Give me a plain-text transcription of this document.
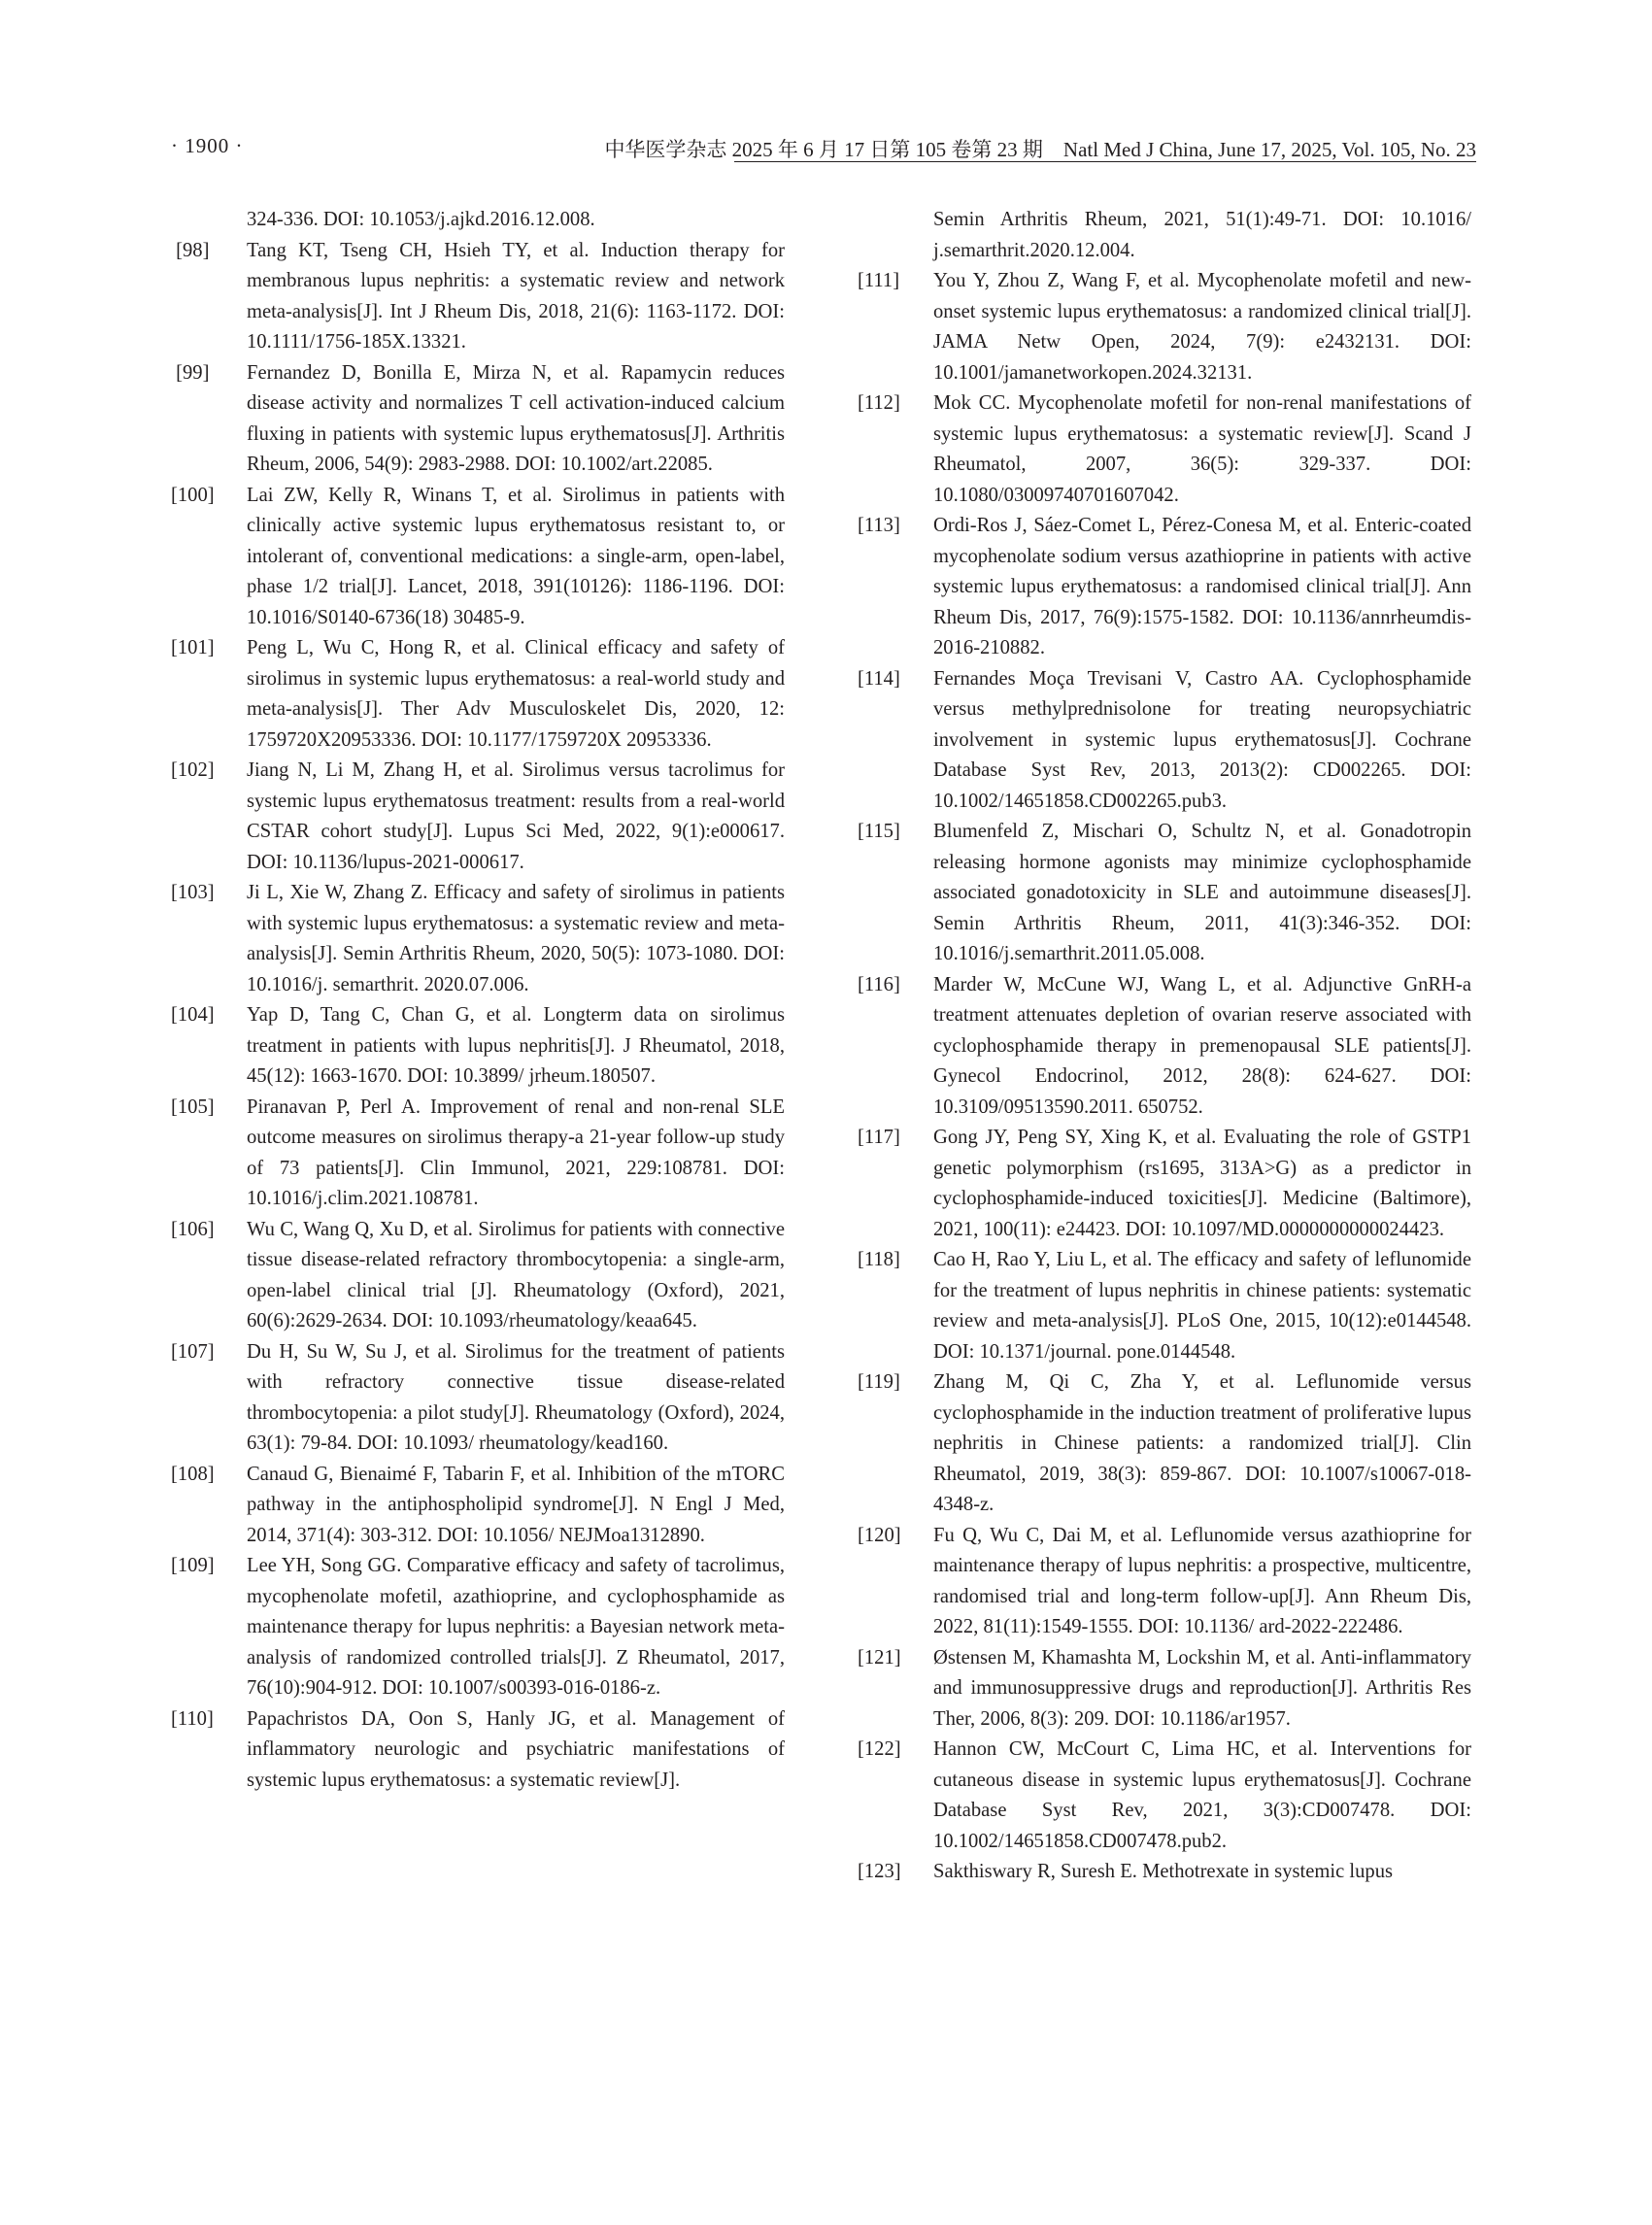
· 1900 ·	中华医学杂志 2025 年 6 月 17 日第 105 卷第 23 期　Natl Med J China, June 17, 2025, Vol. 105, No. 23
324-336. DOI: 10.1053/j.ajkd.2016.12.008.
[98]	Tang KT, Tseng CH, Hsieh TY, et al. Induction therapy for membranous lupus nephritis: a systematic review and network meta-analysis[J]. Int J Rheum Dis, 2018, 21(6): 1163-1172. DOI: 10.1111/1756-185X.13321.
[99]	Fernandez D, Bonilla E, Mirza N, et al. Rapamycin reduces disease activity and normalizes T cell activation-induced calcium fluxing in patients with systemic lupus erythematosus[J]. Arthritis Rheum, 2006, 54(9): 2983-2988. DOI: 10.1002/art.22085.
[100]	Lai ZW, Kelly R, Winans T, et al. Sirolimus in patients with clinically active systemic lupus erythematosus resistant to, or intolerant of, conventional medications: a single-arm, open-label, phase 1/2 trial[J]. Lancet, 2018, 391(10126): 1186-1196. DOI: 10.1016/S0140-6736(18) 30485-9.
[101]	Peng L, Wu C, Hong R, et al. Clinical efficacy and safety of sirolimus in systemic lupus erythematosus: a real-world study and meta-analysis[J]. Ther Adv Musculoskelet Dis, 2020, 12: 1759720X20953336. DOI: 10.1177/1759720X 20953336.
[102]	Jiang N, Li M, Zhang H, et al. Sirolimus versus tacrolimus for systemic lupus erythematosus treatment: results from a real-world CSTAR cohort study[J]. Lupus Sci Med, 2022, 9(1):e000617. DOI: 10.1136/lupus-2021-000617.
[103]	Ji L, Xie W, Zhang Z. Efficacy and safety of sirolimus in patients with systemic lupus erythematosus: a systematic review and meta-analysis[J]. Semin Arthritis Rheum, 2020, 50(5): 1073-1080. DOI: 10.1016/j. semarthrit. 2020.07.006.
[104]	Yap D, Tang C, Chan G, et al. Longterm data on sirolimus treatment in patients with lupus nephritis[J]. J Rheumatol, 2018, 45(12): 1663-1670. DOI: 10.3899/ jrheum.180507.
[105]	Piranavan P, Perl A. Improvement of renal and non-renal SLE outcome measures on sirolimus therapy-a 21-year follow-up study of 73 patients[J]. Clin Immunol, 2021, 229:108781. DOI: 10.1016/j.clim.2021.108781.
[106]	Wu C, Wang Q, Xu D, et al. Sirolimus for patients with connective tissue disease-related refractory thrombocytopenia: a single-arm, open-label clinical trial [J]. Rheumatology (Oxford), 2021, 60(6):2629-2634. DOI: 10.1093/rheumatology/keaa645.
[107]	Du H, Su W, Su J, et al. Sirolimus for the treatment of patients with refractory connective tissue disease-related thrombocytopenia: a pilot study[J]. Rheumatology (Oxford), 2024, 63(1): 79-84. DOI: 10.1093/ rheumatology/kead160.
[108]	Canaud G, Bienaimé F, Tabarin F, et al. Inhibition of the mTORC pathway in the antiphospholipid syndrome[J]. N Engl J Med, 2014, 371(4): 303-312. DOI: 10.1056/ NEJMoa1312890.
[109]	Lee YH, Song GG. Comparative efficacy and safety of tacrolimus, mycophenolate mofetil, azathioprine, and cyclophosphamide as maintenance therapy for lupus nephritis: a Bayesian network meta-analysis of randomized controlled trials[J]. Z Rheumatol, 2017, 76(10):904-912. DOI: 10.1007/s00393-016-0186-z.
[110]	Papachristos DA, Oon S, Hanly JG, et al. Management of inflammatory neurologic and psychiatric manifestations of systemic lupus erythematosus: a systematic review[J].
Semin Arthritis Rheum, 2021, 51(1):49-71. DOI: 10.1016/ j.semarthrit.2020.12.004.
[111]	You Y, Zhou Z, Wang F, et al. Mycophenolate mofetil and new-onset systemic lupus erythematosus: a randomized clinical trial[J]. JAMA Netw Open, 2024, 7(9): e2432131. DOI: 10.1001/jamanetworkopen.2024.32131.
[112]	Mok CC. Mycophenolate mofetil for non-renal manifestations of systemic lupus erythematosus: a systematic review[J]. Scand J Rheumatol, 2007, 36(5): 329-337. DOI: 10.1080/03009740701607042.
[113]	Ordi-Ros J, Sáez-Comet L, Pérez-Conesa M, et al. Enteric-coated mycophenolate sodium versus azathioprine in patients with active systemic lupus erythematosus: a randomised clinical trial[J]. Ann Rheum Dis, 2017, 76(9):1575-1582. DOI: 10.1136/annrheumdis-2016-210882.
[114]	Fernandes Moça Trevisani V, Castro AA. Cyclophosphamide versus methylprednisolone for treating neuropsychiatric involvement in systemic lupus erythematosus[J]. Cochrane Database Syst Rev, 2013, 2013(2): CD002265. DOI: 10.1002/14651858.CD002265.pub3.
[115]	Blumenfeld Z, Mischari O, Schultz N, et al. Gonadotropin releasing hormone agonists may minimize cyclophosphamide associated gonadotoxicity in SLE and autoimmune diseases[J]. Semin Arthritis Rheum, 2011, 41(3):346-352. DOI: 10.1016/j.semarthrit.2011.05.008.
[116]	Marder W, McCune WJ, Wang L, et al. Adjunctive GnRH-a treatment attenuates depletion of ovarian reserve associated with cyclophosphamide therapy in premenopausal SLE patients[J]. Gynecol Endocrinol, 2012, 28(8): 624-627. DOI: 10.3109/09513590.2011. 650752.
[117]	Gong JY, Peng SY, Xing K, et al. Evaluating the role of GSTP1 genetic polymorphism (rs1695, 313A>G) as a predictor in cyclophosphamide-induced toxicities[J]. Medicine (Baltimore), 2021, 100(11): e24423. DOI: 10.1097/MD.0000000000024423.
[118]	Cao H, Rao Y, Liu L, et al. The efficacy and safety of leflunomide for the treatment of lupus nephritis in chinese patients: systematic review and meta-analysis[J]. PLoS One, 2015, 10(12):e0144548. DOI: 10.1371/journal. pone.0144548.
[119]	Zhang M, Qi C, Zha Y, et al. Leflunomide versus cyclophosphamide in the induction treatment of proliferative lupus nephritis in Chinese patients: a randomized trial[J]. Clin Rheumatol, 2019, 38(3): 859-867. DOI: 10.1007/s10067-018-4348-z.
[120]	Fu Q, Wu C, Dai M, et al. Leflunomide versus azathioprine for maintenance therapy of lupus nephritis: a prospective, multicentre, randomised trial and long-term follow-up[J]. Ann Rheum Dis, 2022, 81(11):1549-1555. DOI: 10.1136/ ard-2022-222486.
[121]	Østensen M, Khamashta M, Lockshin M, et al. Anti-inflammatory and immunosuppressive drugs and reproduction[J]. Arthritis Res Ther, 2006, 8(3): 209. DOI: 10.1186/ar1957.
[122]	Hannon CW, McCourt C, Lima HC, et al. Interventions for cutaneous disease in systemic lupus erythematosus[J]. Cochrane Database Syst Rev, 2021, 3(3):CD007478. DOI: 10.1002/14651858.CD007478.pub2.
[123]	Sakthiswary R, Suresh E. Methotrexate in systemic lupus
